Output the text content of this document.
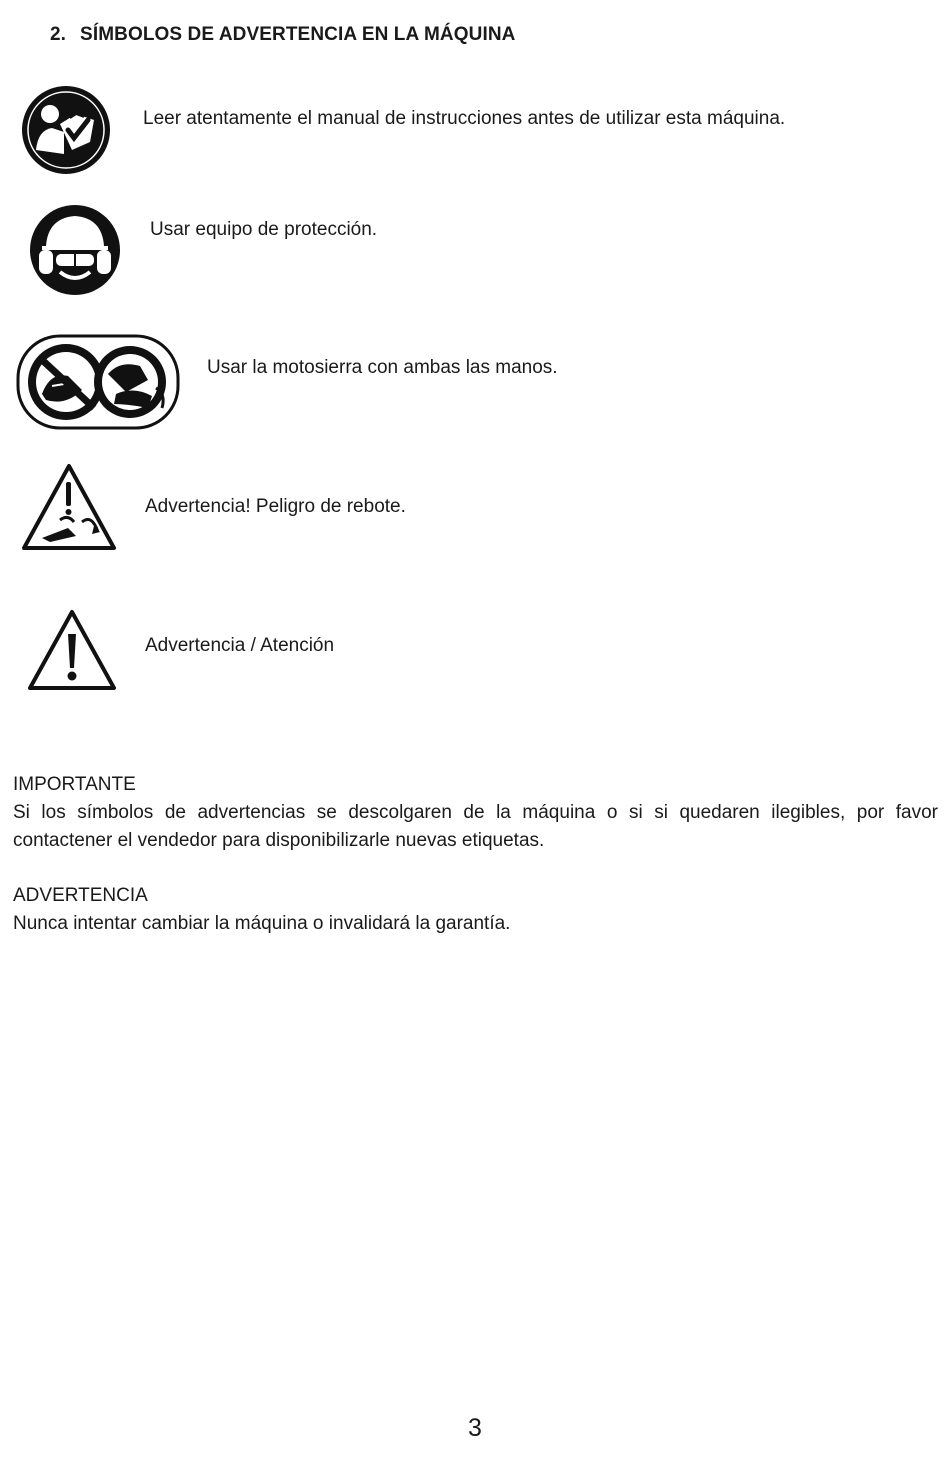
2. SÍMBOLOS DE ADVERTENCIA EN LA MÁQUINA
Leer atentamente el manual de instrucciones antes de utilizar esta máquina.
Usar equipo de protección.
Usar la motosierra con ambas las manos.
Advertencia! Peligro de rebote.
Advertencia / Atención
IMPORTANTE
Si los símbolos de advertencias se descolgaren de la máquina o si si quedaren ilegibles, por favor contactener el vendedor para disponibilizarle nuevas etiquetas.
ADVERTENCIA
Nunca intentar cambiar la máquina o invalidará la garantía.
3
